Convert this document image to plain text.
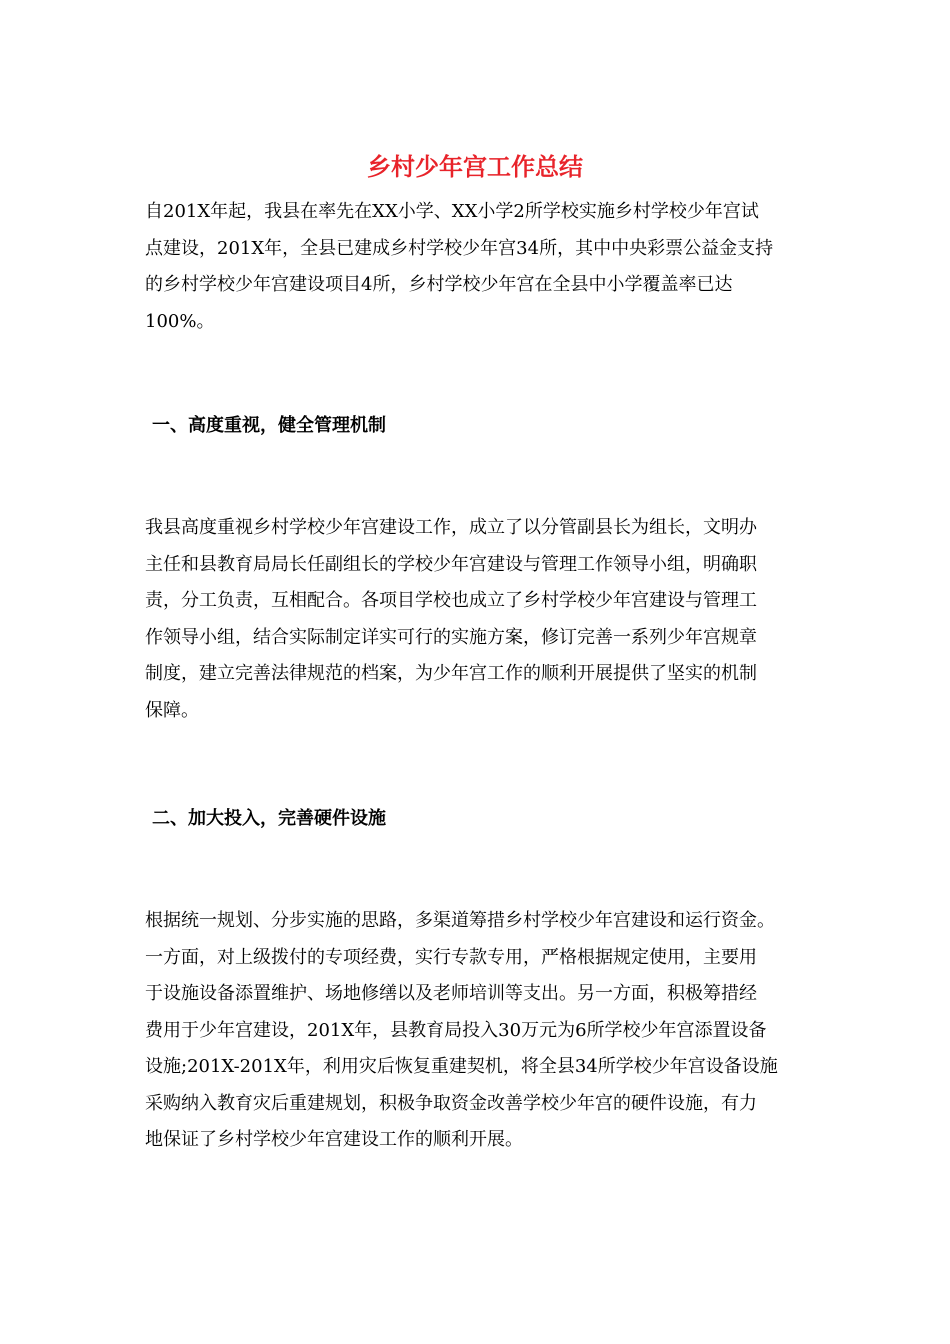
乡村少年宫工作总结
自201X年起，我县在率先在XX小学、XX小学2所学校实施乡村学校少年宫试
点建设，201X年，全县已建成乡村学校少年宫34所，其中中央彩票公益金支持
的乡村学校少年宫建设项目4所，乡村学校少年宫在全县中小学覆盖率已达
100%。
一、高度重视，健全管理机制
我县高度重视乡村学校少年宫建设工作，成立了以分管副县长为组长，文明办
主任和县教育局局长任副组长的学校少年宫建设与管理工作领导小组，明确职
责，分工负责，互相配合。各项目学校也成立了乡村学校少年宫建设与管理工
作领导小组，结合实际制定详实可行的实施方案，修订完善一系列少年宫规章
制度，建立完善法律规范的档案，为少年宫工作的顺利开展提供了坚实的机制
保障。
二、加大投入，完善硬件设施
根据统一规划、分步实施的思路，多渠道筹措乡村学校少年宫建设和运行资金。
一方面，对上级拨付的专项经费，实行专款专用，严格根据规定使用，主要用
于设施设备添置维护、场地修缮以及老师培训等支出。另一方面，积极筹措经
费用于少年宫建设，201X年，县教育局投入30万元为6所学校少年宫添置设备
设施;201X-201X年，利用灾后恢复重建契机，将全县34所学校少年宫设备设施
采购纳入教育灾后重建规划，积极争取资金改善学校少年宫的硬件设施，有力
地保证了乡村学校少年宫建设工作的顺利开展。
